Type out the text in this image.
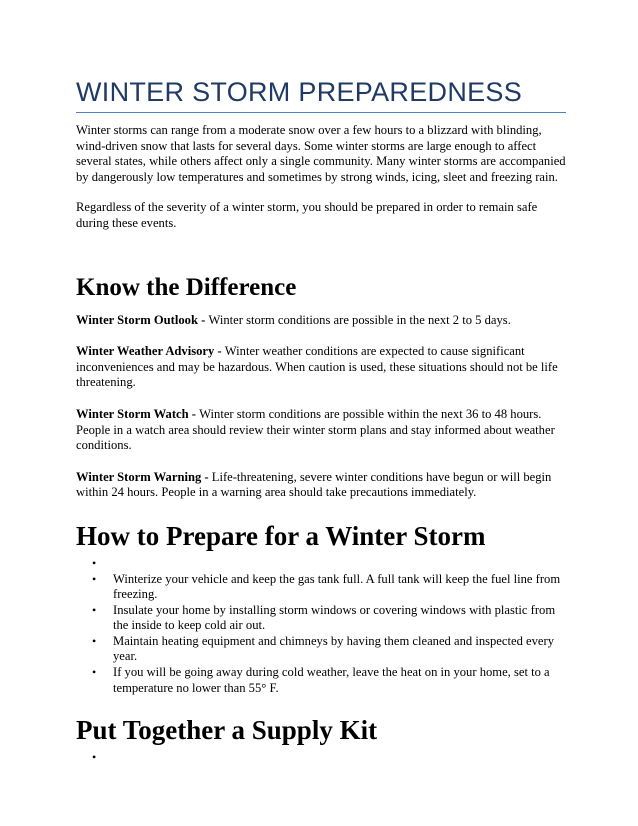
WINTER STORM PREPAREDNESS

Winter storms can range from a moderate snow over a few hours to a blizzard with blinding, wind-driven snow that lasts for several days. Some winter storms are large enough to affect several states, while others affect only a single community. Many winter storms are accompanied by dangerously low temperatures and sometimes by strong winds, icing, sleet and freezing rain.

Regardless of the severity of a winter storm, you should be prepared in order to remain safe during these events.

Know the Difference

Winter Storm Outlook - Winter storm conditions are possible in the next 2 to 5 days.

Winter Weather Advisory - Winter weather conditions are expected to cause significant inconveniences and may be hazardous. When caution is used, these situations should not be life threatening.

Winter Storm Watch - Winter storm conditions are possible within the next 36 to 48 hours. People in a watch area should review their winter storm plans and stay informed about weather conditions.

Winter Storm Warning - Life-threatening, severe winter conditions have begun or will begin within 24 hours. People in a warning area should take precautions immediately.

How to Prepare for a Winter Storm
•
• Winterize your vehicle and keep the gas tank full. A full tank will keep the fuel line from freezing.
• Insulate your home by installing storm windows or covering windows with plastic from the inside to keep cold air out.
• Maintain heating equipment and chimneys by having them cleaned and inspected every year.
• If you will be going away during cold weather, leave the heat on in your home, set to a temperature no lower than 55° F.
Put Together a Supply Kit
•
